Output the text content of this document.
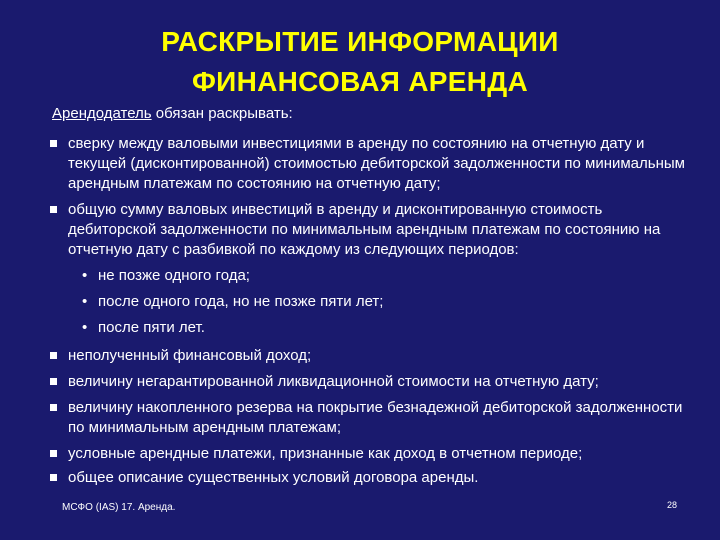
РАСКРЫТИЕ ИНФОРМАЦИИ
ФИНАНСОВАЯ АРЕНДА
Арендодатель обязан раскрывать:
сверку между валовыми инвестициями в аренду по состоянию на отчетную дату и текущей (дисконтированной) стоимостью дебиторской задолженности по минимальным арендным платежам по состоянию на отчетную дату;
общую сумму валовых инвестиций в аренду и дисконтированную стоимость дебиторской задолженности по минимальным арендным платежам по состоянию на отчетную дату с разбивкой по каждому из следующих периодов:
• не позже одного года;
• после одного года, но не позже пяти лет;
• после пяти лет.
неполученный финансовый доход;
величину негарантированной ликвидационной стоимости на отчетную дату;
величину накопленного резерва на покрытие безнадежной дебиторской задолженности по минимальным арендным платежам;
условные арендные платежи, признанные как доход в отчетном периоде;
общее описание существенных условий договора аренды.
МСФО (IAS) 17. Аренда.	28
